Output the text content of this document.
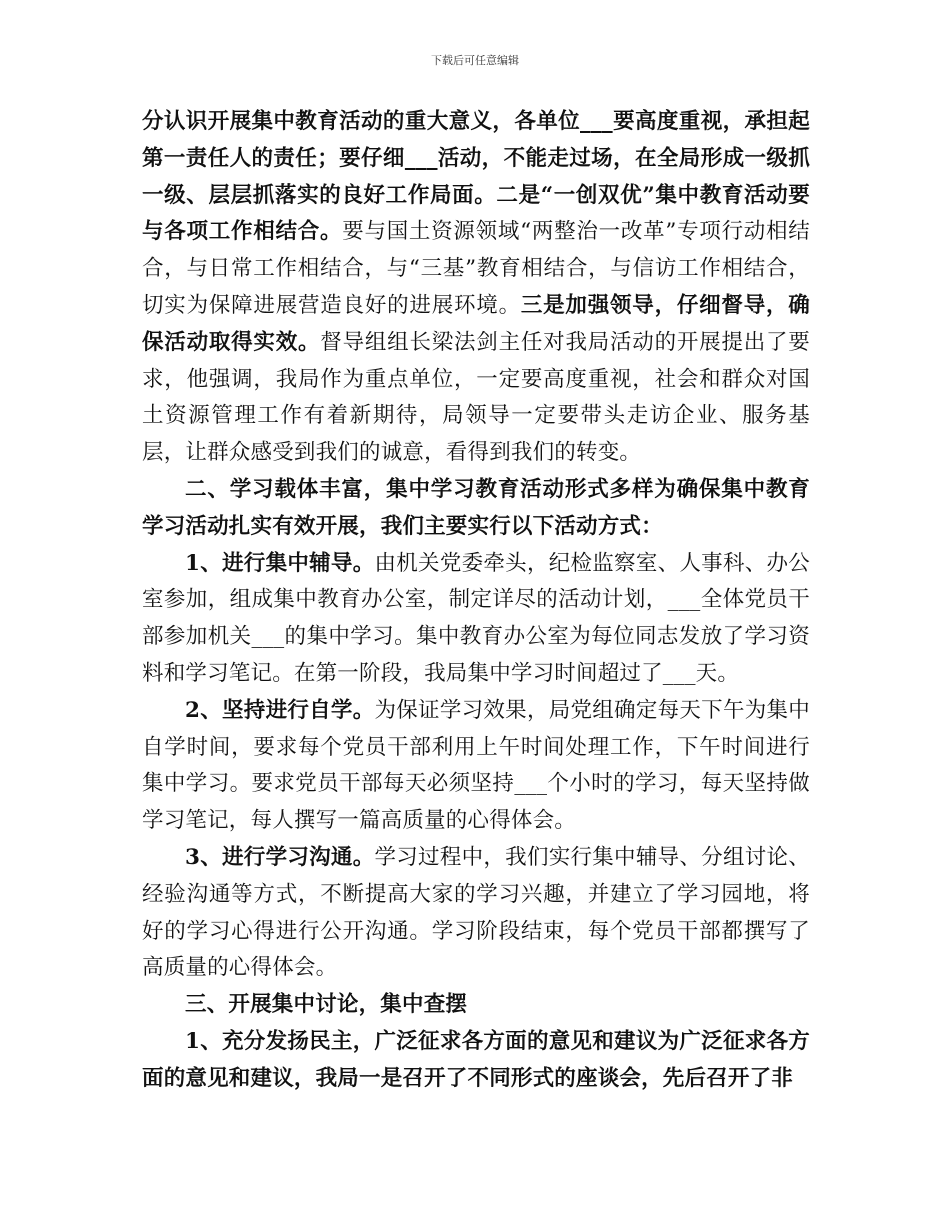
下载后可任意编辑

分认识开展集中教育活动的重大意义，各单位___要高度重视，承担起第一责任人的责任；要仔细___活动，不能走过场，在全局形成一级抓一级、层层抓落实的良好工作局面。二是“一创双优”集中教育活动要与各项工作相结合。要与国土资源领域“两整治一改革”专项行动相结合，与日常工作相结合，与“三基”教育相结合，与信访工作相结合，切实为保障进展营造良好的进展环境。三是加强领导，仔细督导，确保活动取得实效。督导组组长梁法剑主任对我局活动的开展提出了要求，他强调，我局作为重点单位，一定要高度重视，社会和群众对国土资源管理工作有着新期待，局领导一定要带头走访企业、服务基层，让群众感受到我们的诚意，看得到我们的转变。

二、学习载体丰富，集中学习教育活动形式多样为确保集中教育学习活动扎实有效开展，我们主要实行以下活动方式：

1、进行集中辅导。由机关党委牵头，纪检监察室、人事科、办公室参加，组成集中教育办公室，制定详尽的活动计划，___全体党员干部参加机关___的集中学习。集中教育办公室为每位同志发放了学习资料和学习笔记。在第一阶段，我局集中学习时间超过了___天。

2、坚持进行自学。为保证学习效果，局党组确定每天下午为集中自学时间，要求每个党员干部利用上午时间处理工作，下午时间进行集中学习。要求党员干部每天必须坚持___个小时的学习，每天坚持做学习笔记，每人撰写一篇高质量的心得体会。

3、进行学习沟通。学习过程中，我们实行集中辅导、分组讨论、经验沟通等方式，不断提高大家的学习兴趣，并建立了学习园地，将好的学习心得进行公开沟通。学习阶段结束，每个党员干部都撰写了高质量的心得体会。

三、开展集中讨论，集中查摆

1、充分发扬民主，广泛征求各方面的意见和建议为广泛征求各方面的意见和建议，我局一是召开了不同形式的座谈会，先后召开了非
